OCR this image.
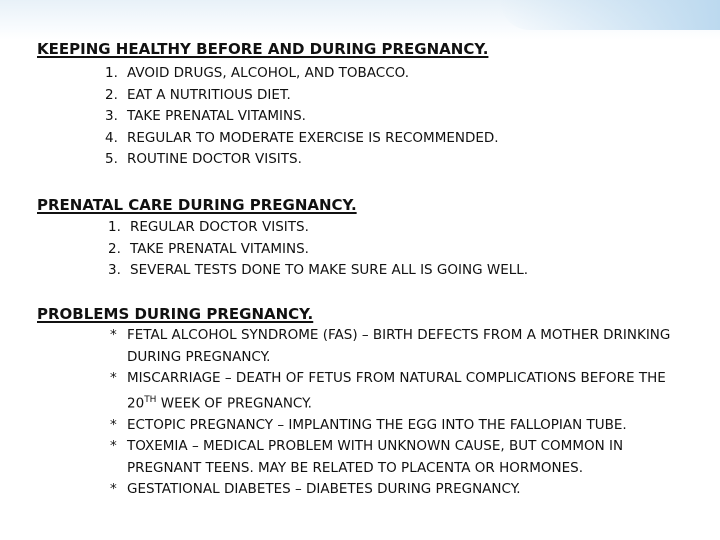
KEEPING HEALTHY BEFORE AND DURING PREGNANCY.
1. AVOID DRUGS, ALCOHOL, AND TOBACCO.
2. EAT A NUTRITIOUS DIET.
3. TAKE PRENATAL VITAMINS.
4. REGULAR TO MODERATE EXERCISE IS RECOMMENDED.
5. ROUTINE DOCTOR VISITS.
PRENATAL CARE DURING PREGNANCY.
1. REGULAR DOCTOR VISITS.
2. TAKE PRENATAL VITAMINS.
3. SEVERAL TESTS DONE TO MAKE SURE ALL IS GOING WELL.
PROBLEMS DURING PREGNANCY.
* FETAL ALCOHOL SYNDROME (FAS) – BIRTH DEFECTS FROM A MOTHER DRINKING DURING PREGNANCY.
* MISCARRIAGE – DEATH OF FETUS FROM NATURAL COMPLICATIONS BEFORE THE 20TH WEEK OF PREGNANCY.
* ECTOPIC PREGNANCY – IMPLANTING THE EGG INTO THE FALLOPIAN TUBE.
* TOXEMIA – MEDICAL PROBLEM WITH UNKNOWN CAUSE, BUT COMMON IN PREGNANT TEENS. MAY BE RELATED TO PLACENTA OR HORMONES.
* GESTATIONAL DIABETES – DIABETES DURING PREGNANCY.
